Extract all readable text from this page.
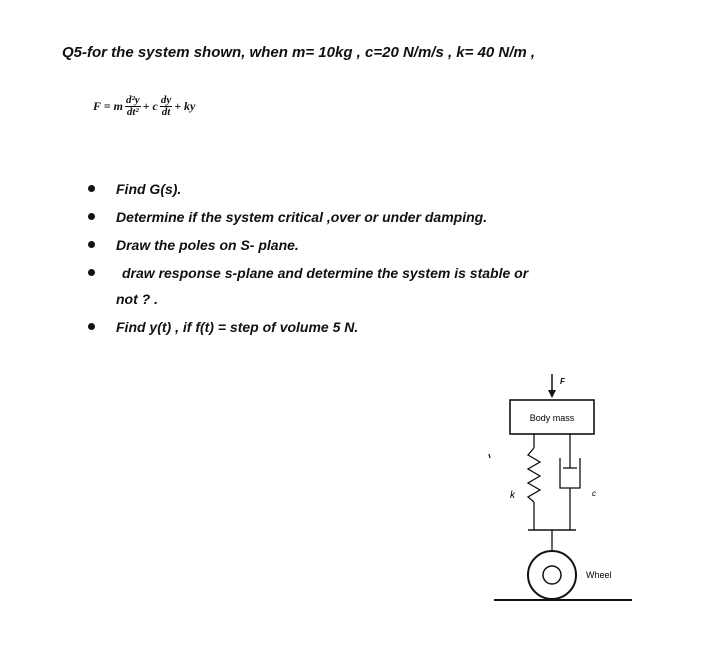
Q5-for the system shown, when m= 10kg , c=20 N/m/s , k= 40 N/m ,
F = m $\frac{\text{d²y}}{\text{dt²}} + c \frac{dy}{dt}$ + ky
Find G(s).
Determine if the system critical ,over or under damping.
Draw the poles on S- plane.
draw response s-plane and determine the system is stable or
not ? .
Find y(t) , if f(t) = step of volume 5 N.
F
Body mass
k	c
Wheel
